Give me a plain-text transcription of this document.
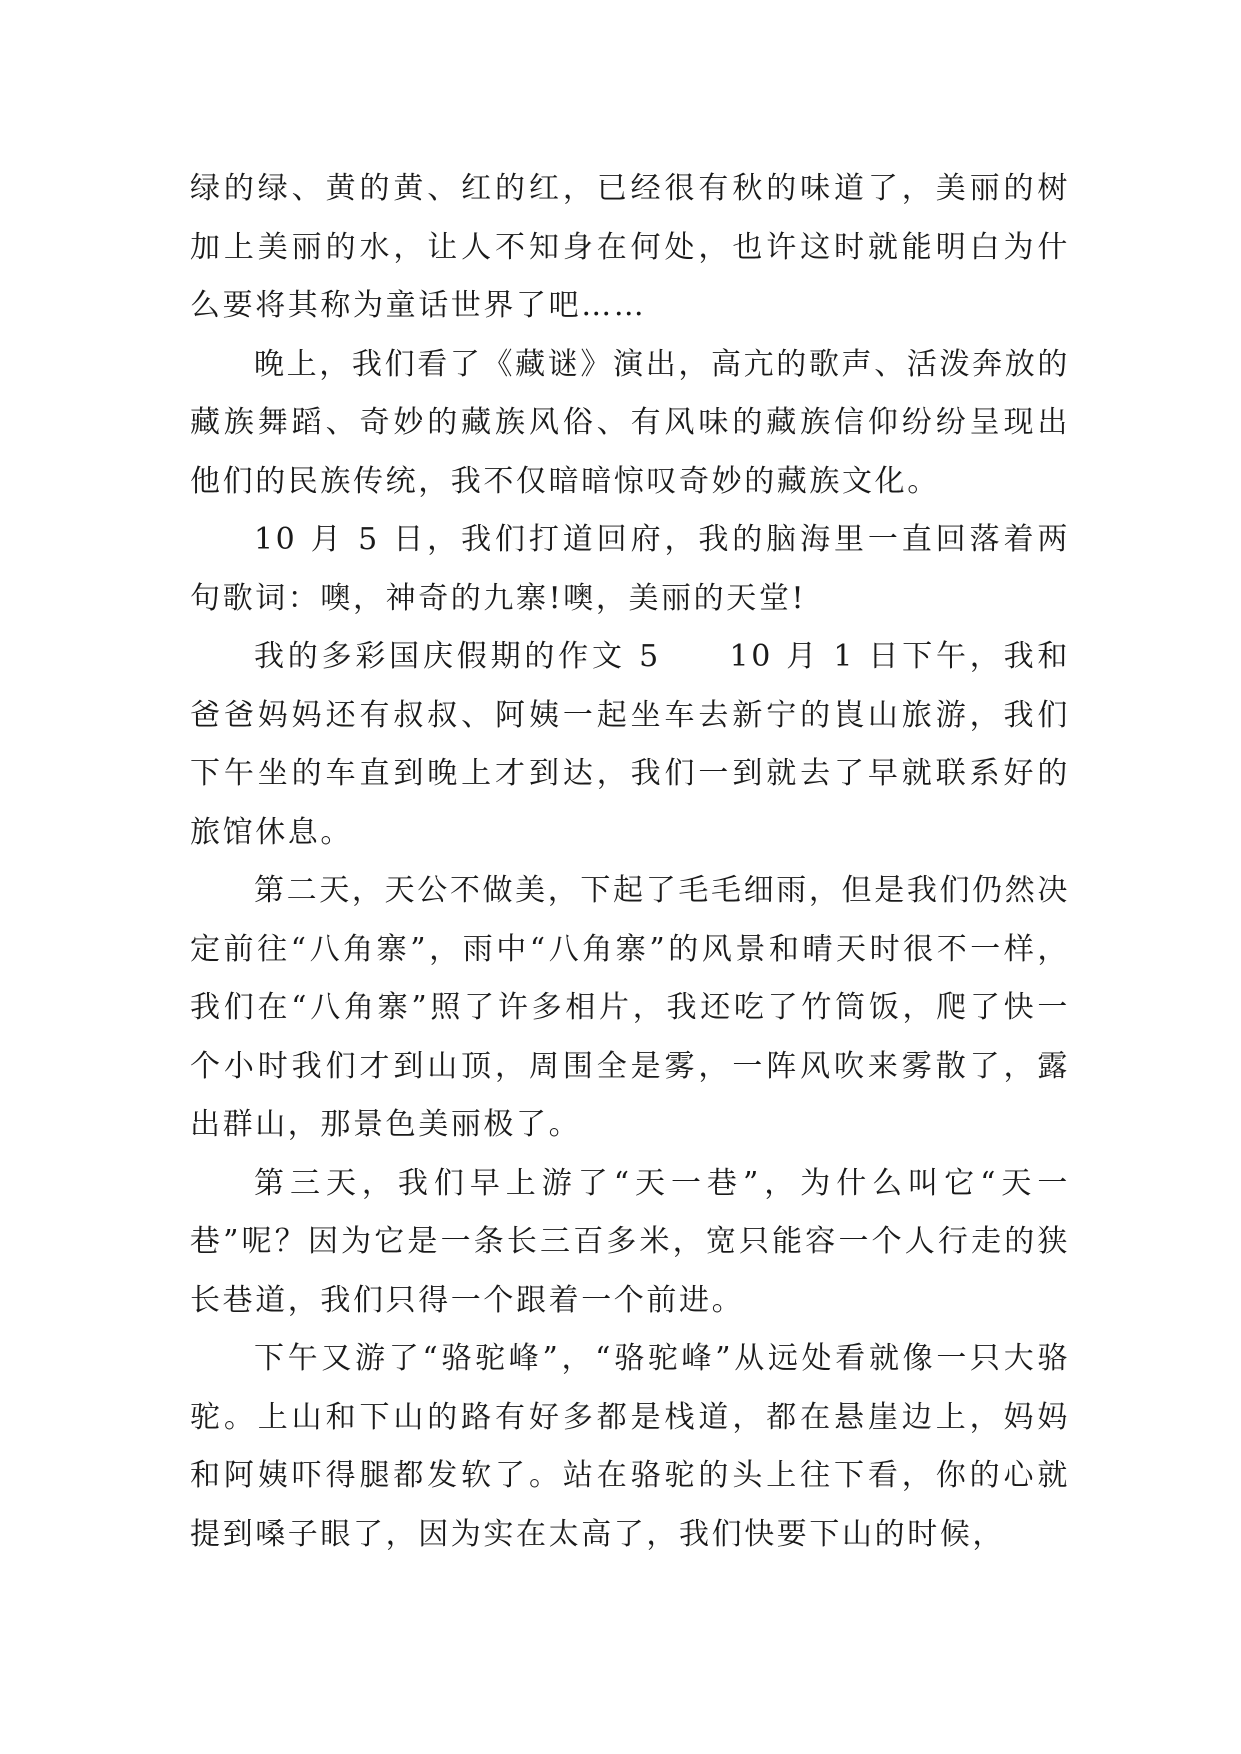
绿的绿、黄的黄、红的红，已经很有秋的味道了，美丽的树加上美丽的水，让人不知身在何处，也许这时就能明白为什么要将其称为童话世界了吧……

晚上，我们看了《藏谜》演出，高亢的歌声、活泼奔放的藏族舞蹈、奇妙的藏族风俗、有风味的藏族信仰纷纷呈现出他们的民族传统，我不仅暗暗惊叹奇妙的藏族文化。

10 月 5 日，我们打道回府，我的脑海里一直回落着两句歌词：噢，神奇的九寨!噢，美丽的天堂!

我的多彩国庆假期的作文 5　　10 月 1 日下午，我和爸爸妈妈还有叔叔、阿姨一起坐车去新宁的崀山旅游，我们下午坐的车直到晚上才到达，我们一到就去了早就联系好的旅馆休息。

第二天，天公不做美，下起了毛毛细雨，但是我们仍然决定前往“八角寨”，雨中“八角寨”的风景和晴天时很不一样，我们在“八角寨”照了许多相片，我还吃了竹筒饭，爬了快一个小时我们才到山顶，周围全是雾，一阵风吹来雾散了，露出群山，那景色美丽极了。

第三天，我们早上游了“天一巷”，为什么叫它“天一巷”呢？因为它是一条长三百多米，宽只能容一个人行走的狭长巷道，我们只得一个跟着一个前进。

下午又游了“骆驼峰”，“骆驼峰”从远处看就像一只大骆驼。上山和下山的路有好多都是栈道，都在悬崖边上，妈妈和阿姨吓得腿都发软了。站在骆驼的头上往下看，你的心就提到嗓子眼了，因为实在太高了，我们快要下山的时候，
